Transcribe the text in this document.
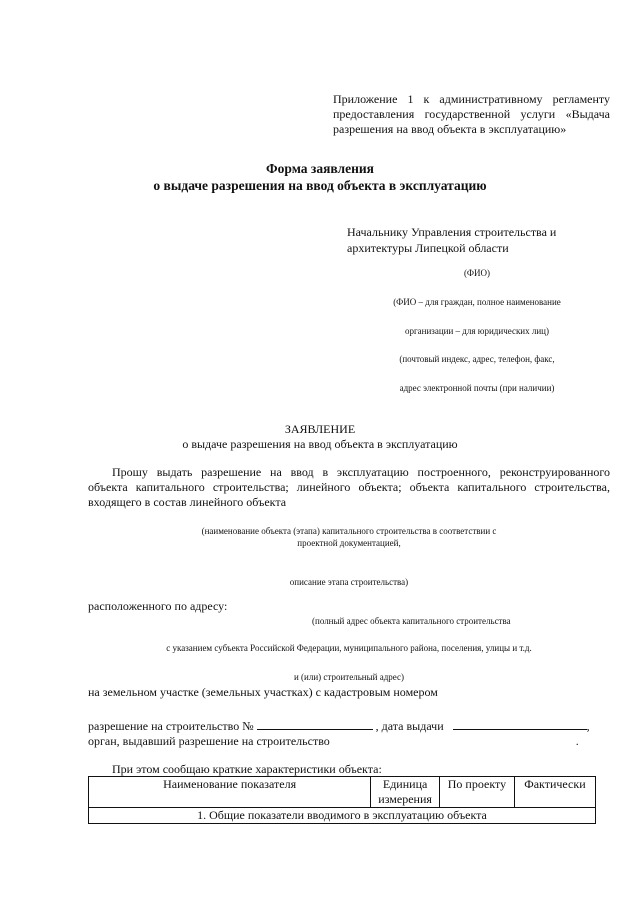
Приложение 1 к административному регламенту
предоставления государственной услуги «Выдача
разрешения на ввод объекта в эксплуатацию»
Форма заявления
о выдаче разрешения на ввод объекта в эксплуатацию
Начальнику Управления строительства и
архитектуры Липецкой области
(ФИО)
(ФИО – для граждан, полное наименование
организации – для юридических лиц)
(почтовый индекс, адрес, телефон, факс,
адрес электронной почты (при наличии)
ЗАЯВЛЕНИЕ
о выдаче разрешения на ввод объекта в эксплуатацию
Прошу выдать разрешение на ввод в эксплуатацию построенного, реконструированного
объекта капитального строительства; линейного объекта; объекта капитального строительства,
входящего в состав линейного объекта
(наименование объекта (этапа) капитального строительства в соответствии с
проектной документацией,
описание этапа строительства)
расположенного по адресу:
(полный адрес объекта капитального строительства
с указанием субъекта Российской Федерации, муниципального района, поселения, улицы и т.д.
и (или) строительный адрес)
на земельном участке (земельных участках) с кадастровым номером
разрешение на строительство №	, дата выдачи	,
орган, выдавший разрешение на строительство	.
При этом сообщаю краткие характеристики объекта:
Наименование показателя	Единица измерения	По проекту	Фактически
1. Общие показатели вводимого в эксплуатацию объекта
